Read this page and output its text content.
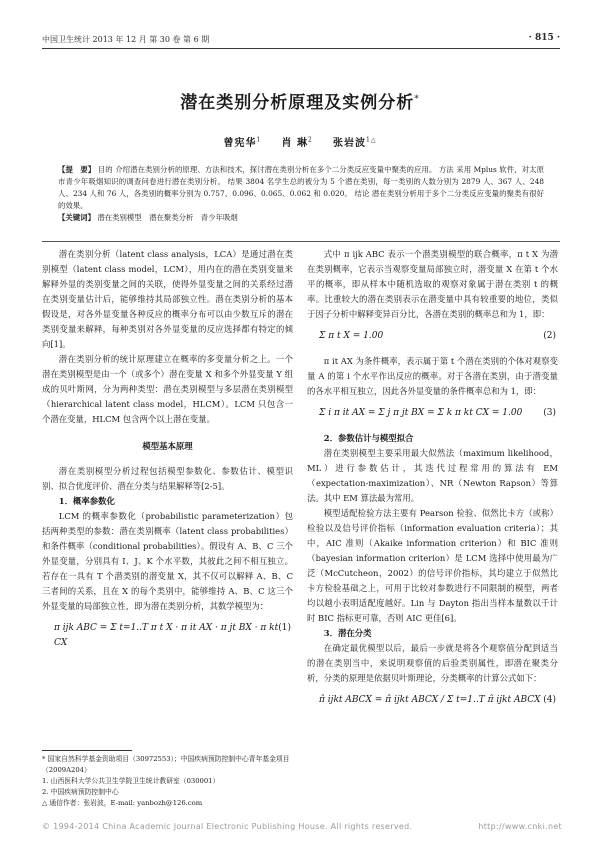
中国卫生统计 2013 年 12 月 第 30 卷 第 6 期	· 815 ·
潜在类别分析原理及实例分析*
曾宪华$^1$ 肖 琳$^2$ 张岩波$^{1\triangle}$
【提　要】 目的 介绍潜在类别分析的原理、方法和技术，探讨潜在类别分析在多个二分类反应变量中聚类的应用。 方法 采用 Mplus 软件，对太原市青少年吸烟知识的调查问卷进行潜在类别分析。 结果 3804 名学生总的被分为 5 个潜在类别，每一类别的人数分别为 2879 人、367 人、248 人、234 人和 76 人，各类别的概率分别为 0.757、0.096、0.065、0.062 和 0.020。 结论 潜在类别分析用于多个二分类反应变量的聚类有很好的效果。
【关键词】 潜在类别模型　潜在聚类分析　青少年吸烟

潜在类别分析（latent class analysis，LCA）是通过潜在类别模型（latent class model，LCM），用内在的潜在类别变量来解释外显的类别变量之间的关联，使得外显变量之间的关系经过潜在类别变量估计后，能够维持其局部独立性。潜在类别分析的基本假设是，对各外显变量各种反应的概率分布可以由少数互斥的潜在类别变量来解释，每种类别对各外显变量的反应选择都有特定的倾向[1]。

潜在类别分析的统计原理建立在概率的多变量分析之上。一个潜在类别模型是由一个（或多个）潜在变量 X 和多个外显变量 Y 组成的贝叶斯网，分为两种类型：潜在类别模型与多层潜在类别模型（hierarchical latent class model，HLCM）。LCM 只包含一个潜在变量，HLCM 包含两个以上潜在变量。

模型基本原理

潜在类别模型分析过程包括模型参数化、参数估计、模型识别、拟合优度评价、潜在分类与结果解释等[2-5]。

1．概率参数化

LCM 的概率参数化（probabilistic parameterization）包括两种类型的参数：潜在类别概率（latent class probabilities）和条件概率（conditional probabilities）。假设有 A、B、C 三个外显变量，分别具有 I、J、K 个水平数，其彼此之间不相互独立。若存在一具有 T 个潜类别的潜变量 X，其不仅可以解释 A、B、C 三者间的关系，且在 X 的每个类别中，能够维持 A、B、C 这三个外显变量的局部独立性，即为潜在类别分析，其数学模型为：

π ijk ABC = Σ t=1..T π t X · π it AX · π jt BX · π kt CX
(1)

式中 π ijk ABC 表示一个潜类别模型的联合概率，π t X 为潜在类别概率，它表示当观察变量局部独立时，潜变量 X 在第 t 个水平的概率，即从样本中随机选取的观察对象属于潜在类别 t 的概率。比重较大的潜在类别表示在潜变量中具有较重要的地位，类似于因子分析中解释变异百分比，各潜在类别的概率总和为 1，即：

Σ π t X = 1.00	(2)

π it AX 为条件概率，表示属于第 t 个潜在类别的个体对观察变量 A 的第 i 个水平作出反应的概率。对于各潜在类别，由于潜变量的各水平相互独立，因此各外显变量的条件概率总和为 1，即：

Σ i π it AX = Σ j π jt BX = Σ k π kt CX = 1.00 (3)

2．参数估计与模型拟合

潜在类别模型主要采用最大似然法（maximum likelihood，ML）进行参数估计，其迭代过程常用的算法有 EM（expectation-maximization）、NR（Newton Rapson）等算法。其中 EM 算法最为常用。

模型适配检验方法主要有 Pearson 检验、似然比卡方（或称）检验以及信号评价指标（information evaluation criteria）；其中，AIC 准则（Akaike information criterion）和 BIC 准则（bayesian information criterion）是 LCM 选择中使用最为广泛（McCutcheon，2002）的信号评价指标，其均建立于似然比卡方检验基础之上，可用于比较对参数进行不同限制的模型，两者均以越小表明适配度越好。Lin 与 Dayton 指出当样本量数以千计时 BIC 指标更可靠，否则 AIC 更佳[6]。

3．潜在分类

在确定最优模型以后，最后一步就是将各个观察值分配到适当的潜在类别当中，来说明观察值的后验类别属性，即潜在聚类分析，分类的原理是依据贝叶斯理论，分类概率的计算公式如下：

π̂ ijkt ABCX = π̂ ijkt ABCX / Σ t=1..T π̂ ijkt ABCX (4)
* 国家自然科学基金资助项目（30972553）；中国疾病预防控制中心青年基金项目（2009A204）
1. 山西医科大学公共卫生学院卫生统计教研室（030001）
2. 中国疾病预防控制中心
△ 通信作者：张岩波，E-mail: yanbozh@126.com
© 1994-2014 China Academic Journal Electronic Publishing House. All rights reserved.	http://www.cnki.net
